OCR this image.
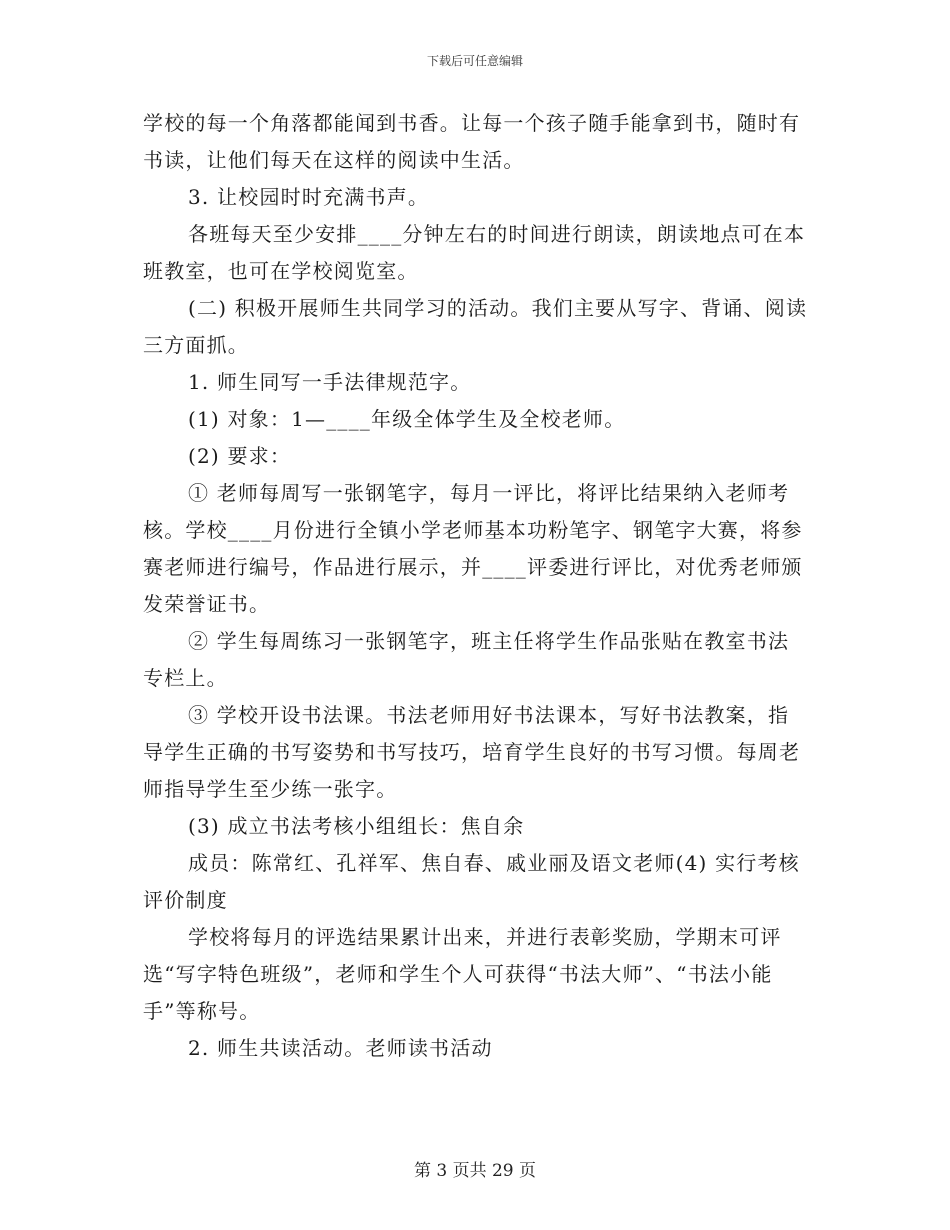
下载后可任意编辑

学校的每一个角落都能闻到书香。让每一个孩子随手能拿到书，随时有书读，让他们每天在这样的阅读中生活。

3. 让校园时时充满书声。

各班每天至少安排____分钟左右的时间进行朗读，朗读地点可在本班教室，也可在学校阅览室。

(二) 积极开展师生共同学习的活动。我们主要从写字、背诵、阅读三方面抓。

1. 师生同写一手法律规范字。

(1) 对象：1—____年级全体学生及全校老师。

(2) 要求：

① 老师每周写一张钢笔字，每月一评比，将评比结果纳入老师考核。学校____月份进行全镇小学老师基本功粉笔字、钢笔字大赛，将参赛老师进行编号，作品进行展示，并____评委进行评比，对优秀老师颁发荣誉证书。

② 学生每周练习一张钢笔字，班主任将学生作品张贴在教室书法专栏上。

③ 学校开设书法课。书法老师用好书法课本，写好书法教案，指导学生正确的书写姿势和书写技巧，培育学生良好的书写习惯。每周老师指导学生至少练一张字。

(3) 成立书法考核小组组长：焦自余

成员：陈常红、孔祥军、焦自春、戚业丽及语文老师(4) 实行考核评价制度

学校将每月的评选结果累计出来，并进行表彰奖励，学期末可评选“写字特色班级”，老师和学生个人可获得“书法大师”、“书法小能手”等称号。

2. 师生共读活动。老师读书活动

第 3 页共 29 页
